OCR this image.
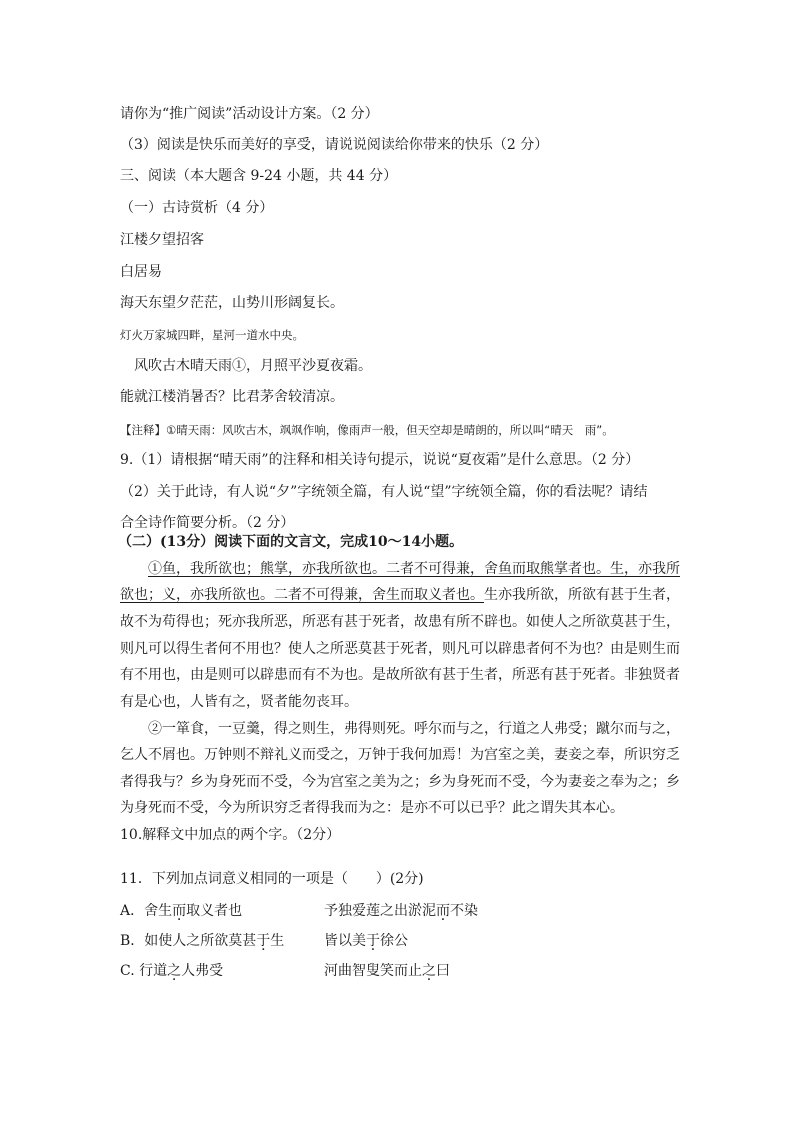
请你为“推广阅读”活动设计方案。（2 分）
（3）阅读是快乐而美好的享受，请说说阅读给你带来的快乐（2 分）
三、阅读（本大题含 9-24 小题，共 44 分）
（一）古诗赏析（4 分）
江楼夕望招客
白居易
海天东望夕茫茫，山势川形阔复长。
灯火万家城四畔，星河一道水中央。
风吹古木晴天雨①，月照平沙夏夜霜。
能就江楼消暑否？比君茅舍较清凉。
【注释】①晴天雨：风吹古木，飒飒作响，像雨声一般，但天空却是晴朗的，所以叫“晴天　雨”。
9.（1）请根据“晴天雨”的注释和相关诗句提示，说说“夏夜霜”是什么意思。（2 分）
（2）关于此诗，有人说“夕”字统领全篇，有人说“望”字统领全篇，你的看法呢？请结
合全诗作简要分析。（2 分）
（二）(13分）阅读下面的文言文，完成10～14小题。
①鱼，我所欲也；熊掌，亦我所欲也。二者不可得兼，舍鱼而取熊掌者也。生，亦我所
欲也；义，亦我所欲也。二者不可得兼，舍生而取义者也。生亦我所欲，所欲有甚于生者，
故不为苟得也；死亦我所恶，所恶有甚于死者，故患有所不辟也。如使人之所欲莫甚于生，
则凡可以得生者何不用也？使人之所恶莫甚于死者，则凡可以辟患者何不为也？由是则生而
有不用也，由是则可以辟患而有不为也。是故所欲有甚于生者，所恶有甚于死者。非独贤者
有是心也，人皆有之，贤者能勿丧耳。
②一箪食，一豆羹，得之则生，弗得则死。呼尔而与之，行道之人弗受；蹴尔而与之，
乞人不屑也。万钟则不辩礼义而受之，万钟于我何加焉！为宫室之美，妻妾之奉，所识穷乏
者得我与？乡为身死而不受，今为宫室之美为之；乡为身死而不受，今为妻妾之奉为之；乡
为身死而不受，今为所识穷乏者得我而为之：是亦不可以已乎？此之谓失其本心。
10.解释文中加点的两个字。（2分）
11．下列加点词意义相同的一项是（　　）(2分)
A．舍生而取义者也	予独爱莲之出淤泥而不染
B．如使人之所欲莫甚于生	皆以美于徐公
C. 行道之人弗受	河曲智叟笑而止之曰
